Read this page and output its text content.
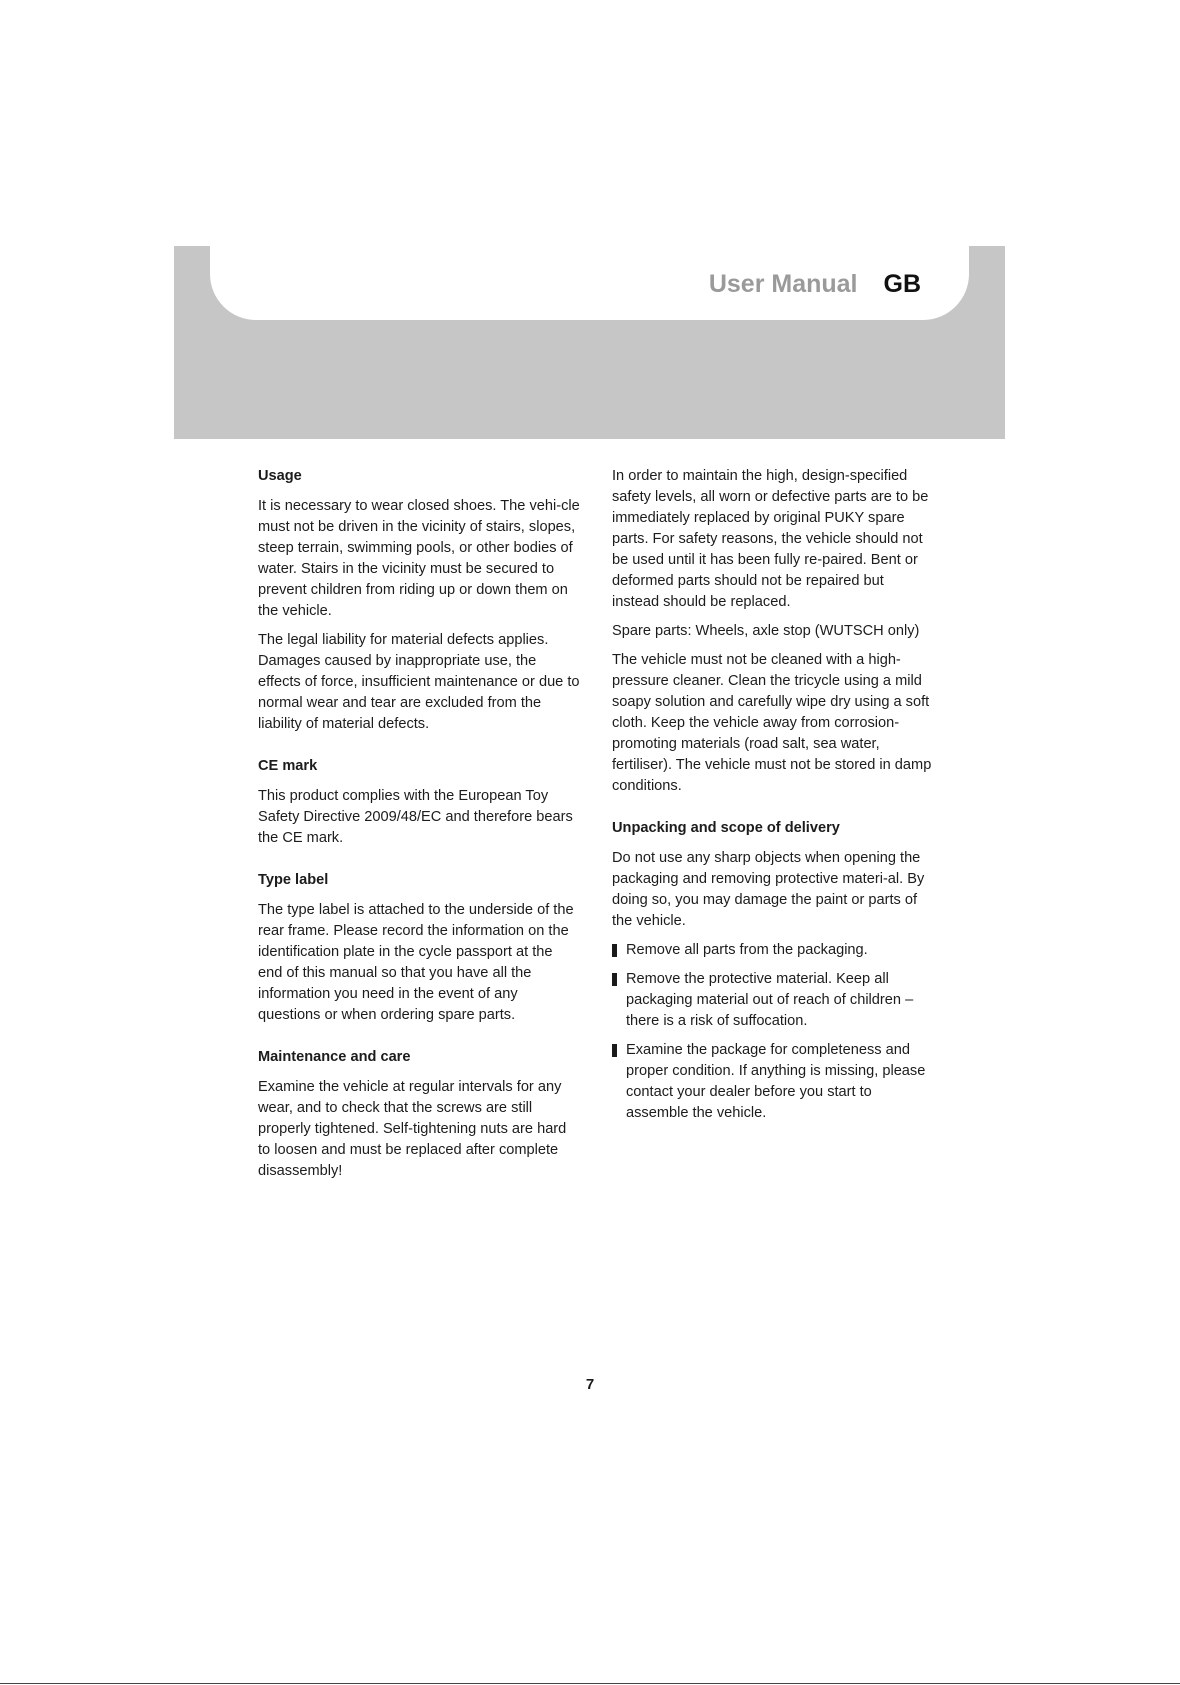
User Manual GB
Usage

It is necessary to wear closed shoes. The vehi-cle must not be driven in the vicinity of stairs, slopes, steep terrain, swimming pools, or other bodies of water. Stairs in the vicinity must be secured to prevent children from riding up or down them on the vehicle.

The legal liability for material defects applies. Damages caused by inappropriate use, the effects of force, insufficient maintenance or due to normal wear and tear are excluded from the liability of material defects.

CE mark

This product complies with the European Toy Safety Directive 2009/48/EC and therefore bears the CE mark.

Type label

The type label is attached to the underside of the rear frame. Please record the information on the identification plate in the cycle passport at the end of this manual so that you have all the information you need in the event of any questions or when ordering spare parts.

Maintenance and care

Examine the vehicle at regular intervals for any wear, and to check that the screws are still properly tightened. Self-tightening nuts are hard to loosen and must be replaced after complete disassembly!

In order to maintain the high, design-specified safety levels, all worn or defective parts are to be immediately replaced by original PUKY spare parts. For safety reasons, the vehicle should not be used until it has been fully re-paired. Bent or deformed parts should not be repaired but instead should be replaced.

Spare parts: Wheels, axle stop (WUTSCH only)

The vehicle must not be cleaned with a high-pressure cleaner. Clean the tricycle using a mild soapy solution and carefully wipe dry using a soft cloth. Keep the vehicle away from corrosion-promoting materials (road salt, sea water, fertiliser). The vehicle must not be stored in damp conditions.

Unpacking and scope of delivery

Do not use any sharp objects when opening the packaging and removing protective materi-al. By doing so, you may damage the paint or parts of the vehicle.

Remove all parts from the packaging.
Remove the protective material. Keep all packaging material out of reach of children – there is a risk of suffocation.
Examine the package for completeness and proper condition. If anything is missing, please contact your dealer before you start to assemble the vehicle.
7
